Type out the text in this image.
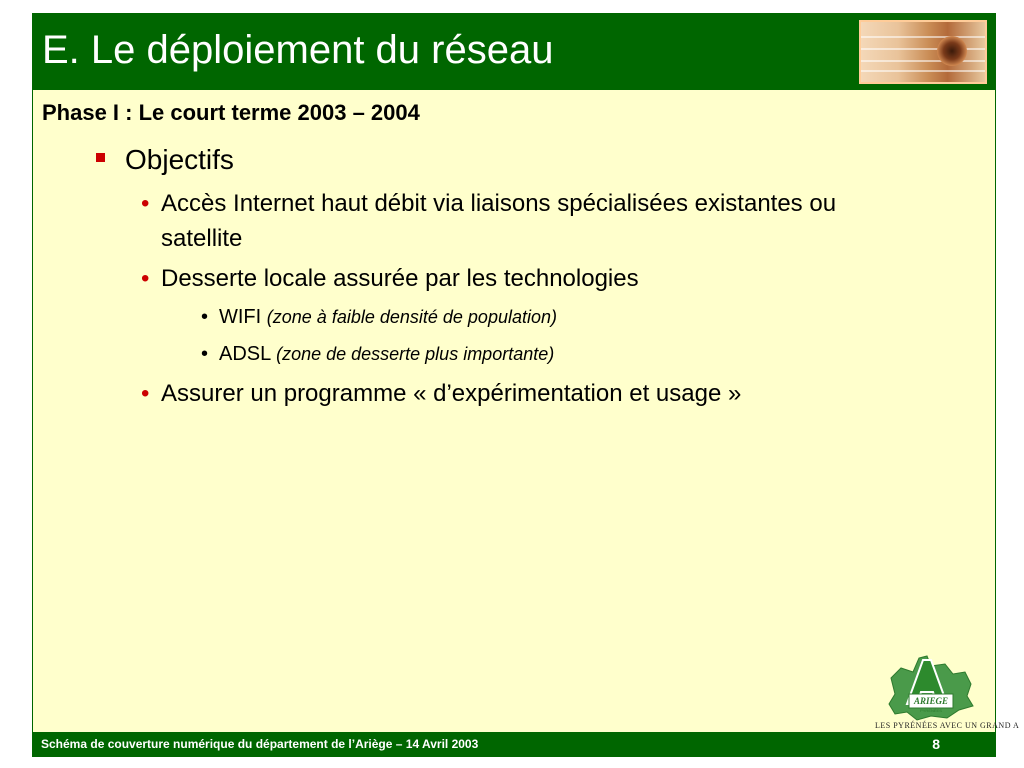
E. Le déploiement du réseau
Phase I : Le court terme 2003 – 2004
Objectifs
• Accès Internet haut débit via liaisons spécialisées existantes ou
satellite
• Desserte locale assurée par les technologies
• WIFI (zone à faible densité de population)
• ADSL (zone de desserte plus importante)
• Assurer un programme « d’expérimentation et usage »
ARIEGE
PYRÉNÉES
LES PYRÉNÉES AVEC UN GRAND A
Schéma de couverture numérique du département de l’Ariège – 14 Avril 2003	8
